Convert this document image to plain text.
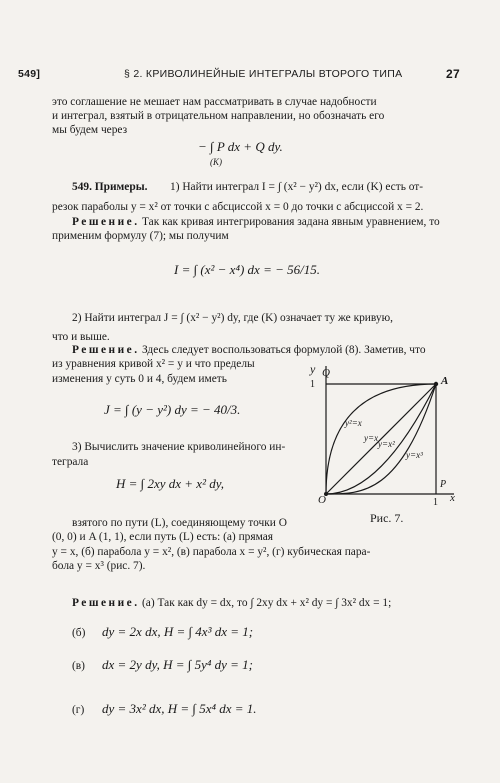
549]	§ 2. КРИВОЛИНЕЙНЫЕ ИНТЕГРАЛЫ ВТОРОГО ТИПА	27
это соглашение не мешает нам рассматривать в случае надобности
и интеграл, взятый в отрицательном направлении, но обозначать его
мы будем через
− ∫ P dx + Q dy.
(K)
549. Примеры. 1) Найти интеграл I = ∫ (x² − y²) dx, если (K) есть от-
резок параболы y = x² от точки с абсциссой x = 0 до точки с абсциссой x = 2.
Решение. Так как кривая интегрирования задана явным уравнением, то
применим формулу (7); мы получим
I = ∫ (x² − x⁴) dx = − 56/15.
2) Найти интеграл J = ∫ (x² − y²) dy, где (K) означает ту же кривую,
что и выше.
Решение. Здесь следует воспользоваться формулой (8). Заметив, что
из уравнения кривой x² = y и что пределы
изменения y суть 0 и 4, будем иметь
J = ∫ (y − y²) dy = − 40/3.
3) Вычислить значение криволинейного ин-
теграла
H = ∫ 2xy dx + x² dy,
взятого по пути (L), соединяющему точки O
(0, 0) и A (1, 1), если путь (L) есть: (а) прямая
y = x, (б) парабола y = x², (в) парабола x = y², (г) кубическая пара-
бола y = x³ (рис. 7).
Решение. (а) Так как dy = dx, то ∫ 2xy dx + x² dy = ∫ 3x² dx = 1;
(б) dy = 2x dx, H = ∫ 4x³ dx = 1;
(в) dx = 2y dy, H = ∫ 5y⁴ dy = 1;
(г) dy = 3x² dx, H = ∫ 5x⁴ dx = 1.
y Q
A
1
O	1
P
x
y²=x
y=x
y=x²
y=x³
Рис. 7.
